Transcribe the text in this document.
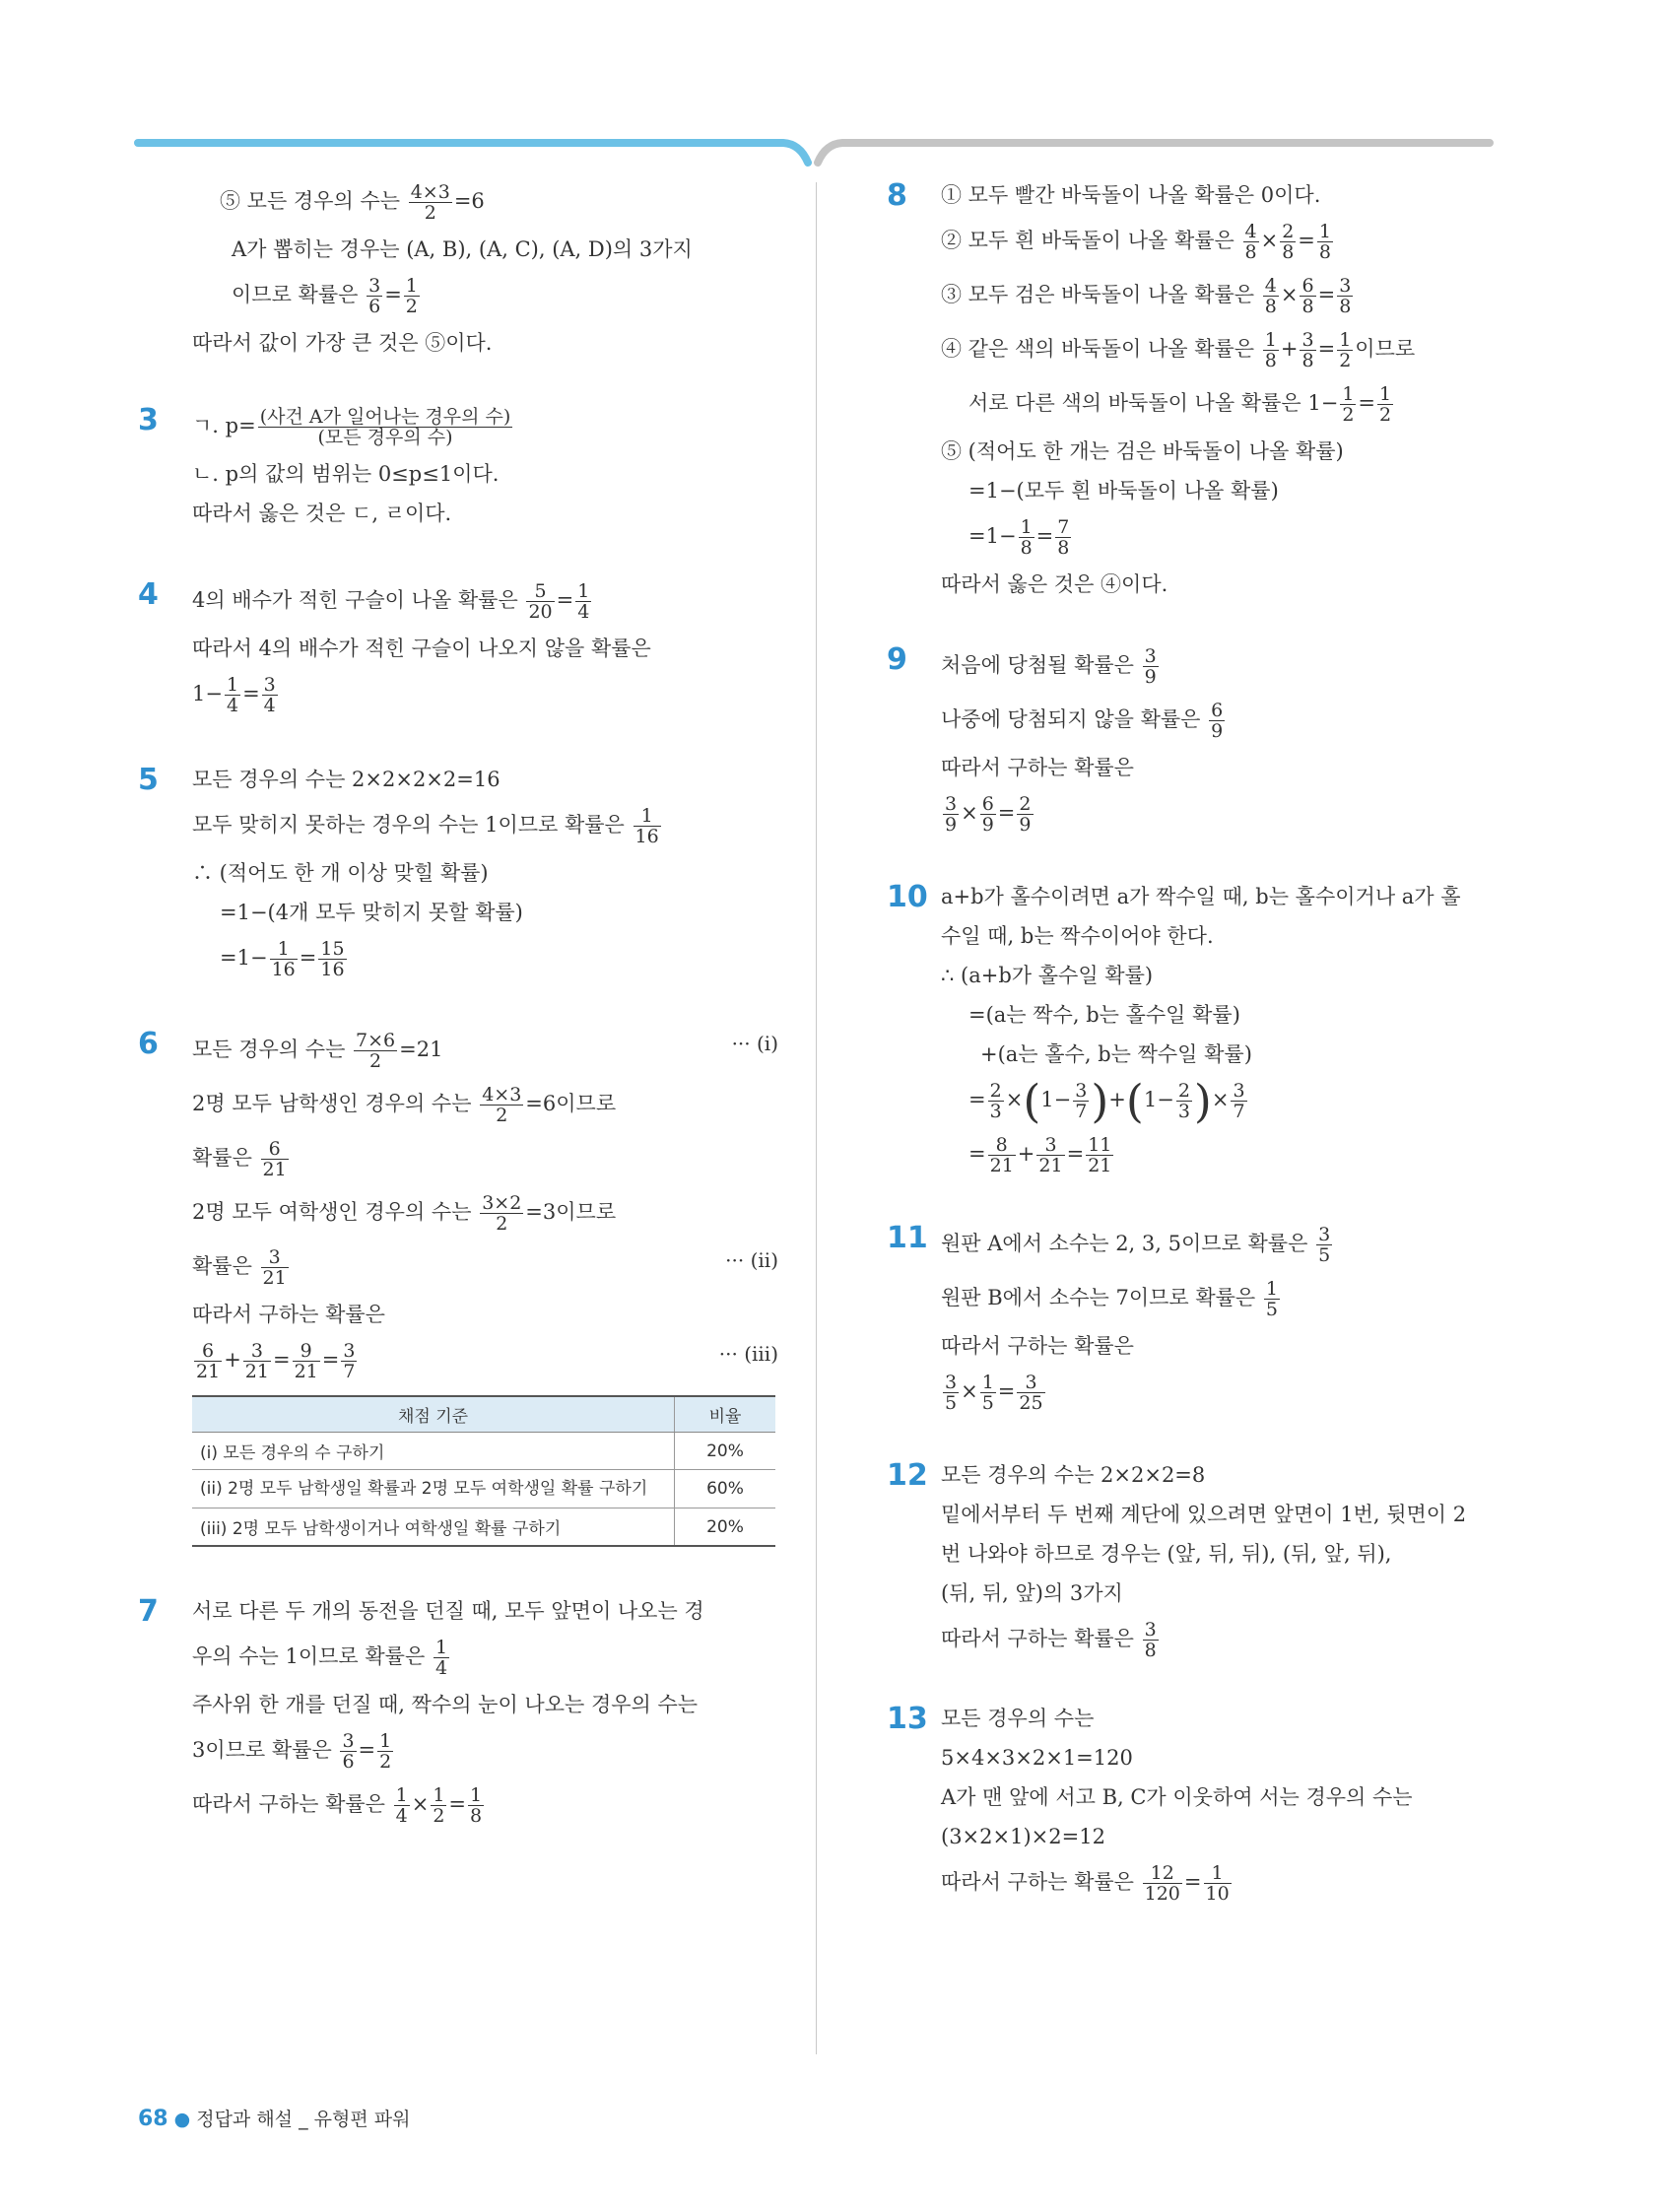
⑤ 모든 경우의 수는 $\frac{4\times 3}{2} =6$
A가 뽑히는 경우는 (A, B), (A, C), (A, D)의 3가지
이므로 확률은 $\frac{3}{6} = \frac{1}{2}$
따라서 값이 가장 큰 것은 ⑤이다.
3 ㄱ. p= (사건 A가 일어나는 경우의 수)
(모든 경우의 수)
ㄴ. p의 값의 범위는 0≤p≤1이다.
따라서 옳은 것은 ㄷ, ㄹ이다.
4 4의 배수가 적힌 구슬이 나올 확률은 $\frac{5}{20} = \frac{1}{4}$
따라서 4의 배수가 적힌 구슬이 나오지 않을 확률은
$1- \frac{1}{4} = \frac{3}{4}$
5 모든 경우의 수는 2×2×2×2=16
모두 맞히지 못하는 경우의 수는 1이므로 확률은 $\frac{1}{16}$
∴ (적어도 한 개 이상 맞힐 확률)
=1−(4개 모두 맞히지 못할 확률)
$=1- \frac{1}{16} = \frac{15}{16}$
6 모든 경우의 수는 $\frac{7\times 6}{2} =21$	··· (i)
2명 모두 남학생인 경우의 수는 $\frac{4\times 3}{2} =6$이므로
확률은 $\frac{6}{21}$
2명 모두 여학생인 경우의 수는 $\frac{3\times 2}{2} =3$이므로
확률은 $\frac{3}{21}$	··· (ii)
따라서 구하는 확률은
$\frac{6}{21} + \frac{3}{21} = \frac{9}{21} = \frac{3}{7}$	··· (iii)
채점 기준	비율
(i) 모든 경우의 수 구하기	20%
(ii) 2명 모두 남학생일 확률과 2명 모두 여학생일 확률 구하기	60%
(iii) 2명 모두 남학생이거나 여학생일 확률 구하기	20%
7 서로 다른 두 개의 동전을 던질 때, 모두 앞면이 나오는 경
우의 수는 1이므로 확률은 $\frac{1}{4}$
주사위 한 개를 던질 때, 짝수의 눈이 나오는 경우의 수는
3이므로 확률은 $\frac{3}{6} = \frac{1}{2}$
따라서 구하는 확률은 $\frac{1}{4} \times \frac{1}{2} = \frac{1}{8}$
8 ① 모두 빨간 바둑돌이 나올 확률은 0이다.
② 모두 흰 바둑돌이 나올 확률은 $\frac{4}{8} \times \frac{2}{8} = \frac{1}{8}$
③ 모두 검은 바둑돌이 나올 확률은 $\frac{4}{8} \times \frac{6}{8} = \frac{3}{8}$
④ 같은 색의 바둑돌이 나올 확률은 $\frac{1}{8} + \frac{3}{8} = \frac{1}{2}$ 이므로
서로 다른 색의 바둑돌이 나올 확률은 $1- \frac{1}{2} = \frac{1}{2}$
⑤ (적어도 한 개는 검은 바둑돌이 나올 확률)
=1−(모두 흰 바둑돌이 나올 확률)
$=1- \frac{1}{8} = \frac{7}{8}$
따라서 옳은 것은 ④이다.
9 처음에 당첨될 확률은 $\frac{3}{9}$
나중에 당첨되지 않을 확률은 $\frac{6}{9}$
따라서 구하는 확률은
$\frac{3}{9} \times \frac{6}{9} = \frac{2}{9}$
10 a+b가 홀수이려면 a가 짝수일 때, b는 홀수이거나 a가 홀
수일 때, b는 짝수이어야 한다.
∴ (a+b가 홀수일 확률)
=(a는 짝수, b는 홀수일 확률)
+(a는 홀수, b는 짝수일 확률)
= $\frac{2}{3} \times(1- \frac{3}{7} )+(1- \frac{2}{3}$ )× $\frac{3}{7}$
= $\frac{8}{21} + \frac{3}{21} = \frac{11}{21}$
11 원판 A에서 소수는 2, 3, 5이므로 확률은 $\frac{3}{5}$
원판 B에서 소수는 7이므로 확률은 $\frac{1}{5}$
따라서 구하는 확률은
$\frac{3}{5} \times \frac{1}{5} = \frac{3}{25}$
12 모든 경우의 수는 2×2×2=8
밑에서부터 두 번째 계단에 있으려면 앞면이 1번, 뒷면이 2
번 나와야 하므로 경우는 (앞, 뒤, 뒤), (뒤, 앞, 뒤),
(뒤, 뒤, 앞)의 3가지
따라서 구하는 확률은 $\frac{3}{8}$
13 모든 경우의 수는
5×4×3×2×1=120
A가 맨 앞에 서고 B, C가 이웃하여 서는 경우의 수는
(3×2×1)×2=12
따라서 구하는 확률은 $\frac{12}{120} = \frac{1}{10}$
68 ● 정답과 해설 _ 유형편 파워
